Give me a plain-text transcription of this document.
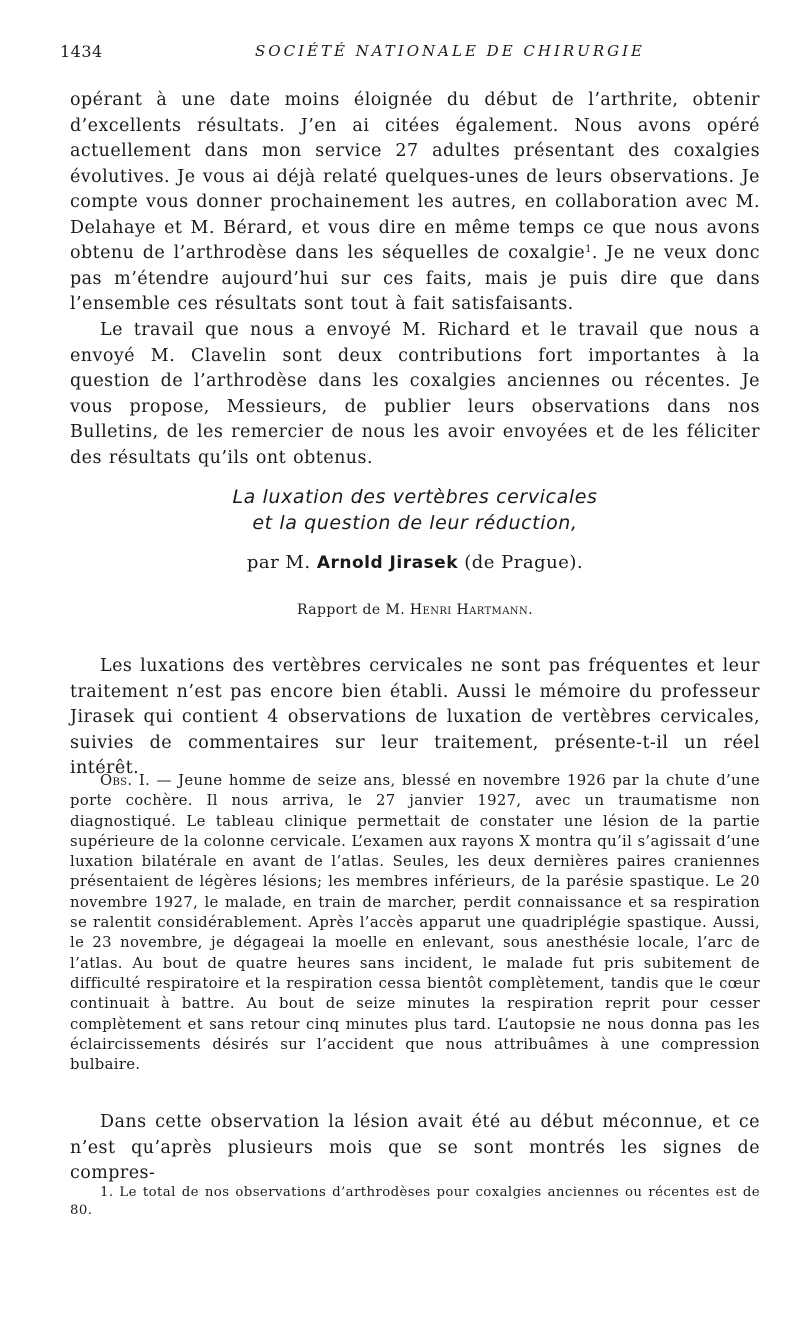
1434	SOCIÉTÉ NATIONALE DE CHIRURGIE

opérant à une date moins éloignée du début de l’arthrite, obtenir d’excellents résultats. J’en ai citées également. Nous avons opéré actuellement dans mon service 27 adultes présentant des coxalgies évolutives. Je vous ai déjà relaté quelques-unes de leurs observations. Je compte vous donner prochainement les autres, en collaboration avec M. Delahaye et M. Bérard, et vous dire en même temps ce que nous avons obtenu de l’arthrodèse dans les séquelles de coxalgie$^1$. Je ne veux donc pas m’étendre aujourd’hui sur ces faits, mais je puis dire que dans l’ensemble ces résultats sont tout à fait satisfaisants.

Le travail que nous a envoyé M. Richard et le travail que nous a envoyé M. Clavelin sont deux contributions fort importantes à la question de l’arthrodèse dans les coxalgies anciennes ou récentes. Je vous propose, Messieurs, de publier leurs observations dans nos Bulletins, de les remercier de nous les avoir envoyées et de les féliciter des résultats qu’ils ont obtenus.

La luxation des vertèbres cervicales
et la question de leur réduction,
par M. Arnold Jirasek (de Prague).
Rapport de M. Henri Hartmann.

Les luxations des vertèbres cervicales ne sont pas fréquentes et leur traitement n’est pas encore bien établi. Aussi le mémoire du professeur Jirasek qui contient 4 observations de luxation de vertèbres cervicales, suivies de commentaires sur leur traitement, présente-t-il un réel intérêt.

Obs. I. — Jeune homme de seize ans, blessé en novembre 1926 par la chute d’une porte cochère. Il nous arriva, le 27 janvier 1927, avec un traumatisme non diagnostiqué. Le tableau clinique permettait de constater une lésion de la partie supérieure de la colonne cervicale. L’examen aux rayons X montra qu’il s’agissait d’une luxation bilatérale en avant de l’atlas. Seules, les deux dernières paires craniennes présentaient de légères lésions; les membres inférieurs, de la parésie spastique. Le 20 novembre 1927, le malade, en train de marcher, perdit connaissance et sa respiration se ralentit considérablement. Après l’accès apparut une quadriplégie spastique. Aussi, le 23 novembre, je dégageai la moelle en enlevant, sous anesthésie locale, l’arc de l’atlas. Au bout de quatre heures sans incident, le malade fut pris subitement de difficulté respiratoire et la respiration cessa bientôt complètement, tandis que le cœur continuait à battre. Au bout de seize minutes la respiration reprit pour cesser complètement et sans retour cinq minutes plus tard. L’autopsie ne nous donna pas les éclaircissements désirés sur l’accident que nous attribuâmes à une compression bulbaire.

Dans cette observation la lésion avait été au début méconnue, et ce n’est qu’après plusieurs mois que se sont montrés les signes de compres-

1. Le total de nos observations d’arthrodèses pour coxalgies anciennes ou récentes est de 80.
